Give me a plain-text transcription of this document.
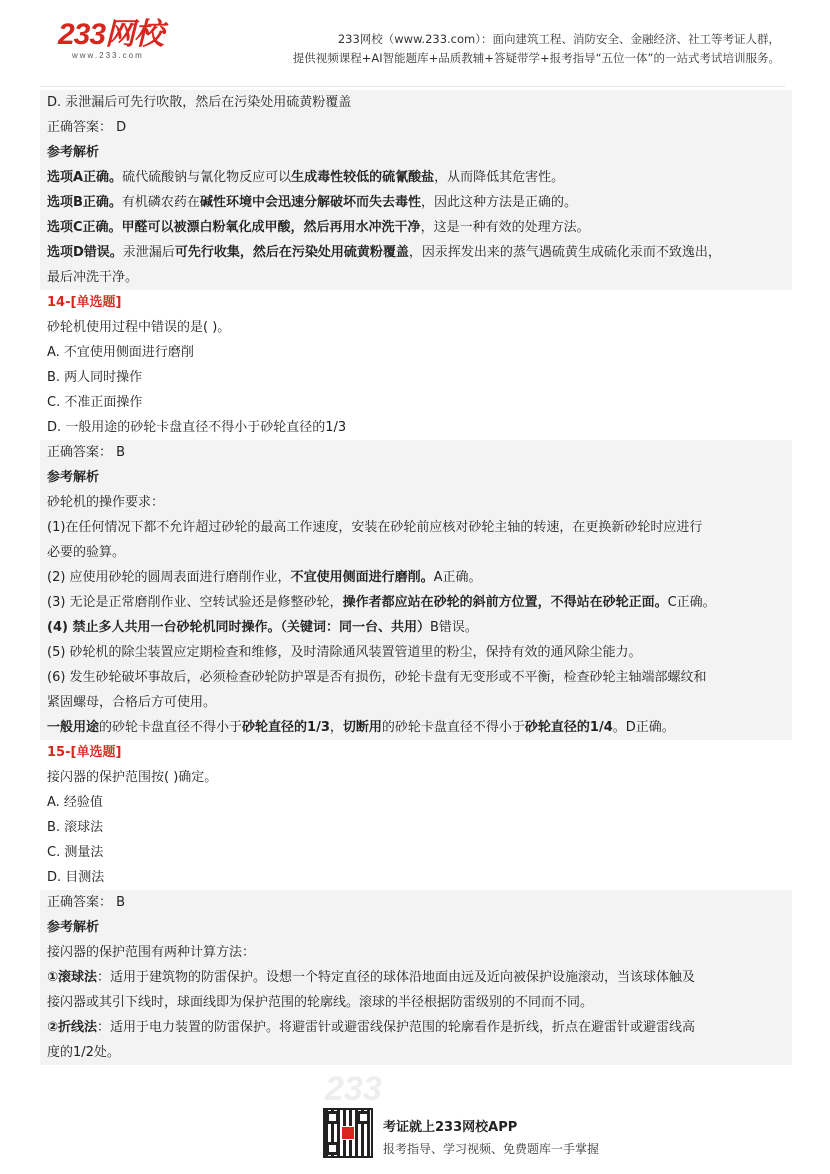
233网校
www.233.com
233网校（www.233.com）：面向建筑工程、消防安全、金融经济、社工等考证人群，
提供视频课程+AI智能题库+品质教辅+答疑带学+报考指导“五位一体”的一站式考试培训服务。
D. 汞泄漏后可先行吹散，然后在污染处用硫黄粉覆盖
正确答案： D
参考解析
选项A正确。硫代硫酸钠与氰化物反应可以生成毒性较低的硫氰酸盐，从而降低其危害性。
选项B正确。有机磷农药在碱性环境中会迅速分解破坏而失去毒性，因此这种方法是正确的。
选项C正确。甲醛可以被漂白粉氧化成甲酸，然后再用水冲洗干净，这是一种有效的处理方法。
选项D错误。汞泄漏后可先行收集，然后在污染处用硫黄粉覆盖，因汞挥发出来的蒸气遇硫黄生成硫化汞而不致逸出，
最后冲洗干净。
14-[单选题]
砂轮机使用过程中错误的是( )。
A. 不宜使用侧面进行磨削
B. 两人同时操作
C. 不准正面操作
D. 一般用途的砂轮卡盘直径不得小于砂轮直径的1/3
正确答案： B
参考解析
砂轮机的操作要求：
(1)在任何情况下都不允许超过砂轮的最高工作速度，安装在砂轮前应核对砂轮主轴的转速，在更换新砂轮时应进行
必要的验算。
(2) 应使用砂轮的圆周表面进行磨削作业，不宜使用侧面进行磨削。A正确。
(3) 无论是正常磨削作业、空转试验还是修整砂轮，操作者都应站在砂轮的斜前方位置，不得站在砂轮正面。C正确。
(4) 禁止多人共用一台砂轮机同时操作。（关键词：同一台、共用）B错误。
(5) 砂轮机的除尘装置应定期检查和维修，及时清除通风装置管道里的粉尘，保持有效的通风除尘能力。
(6) 发生砂轮破坏事故后，必须检查砂轮防护罩是否有损伤，砂轮卡盘有无变形或不平衡，检查砂轮主轴端部螺纹和
紧固螺母，合格后方可使用。
一般用途的砂轮卡盘直径不得小于砂轮直径的1/3，切断用的砂轮卡盘直径不得小于砂轮直径的1/4。D正确。
15-[单选题]
接闪器的保护范围按( )确定。
A. 经验值
B. 滚球法
C. 测量法
D. 目测法
正确答案： B
参考解析
接闪器的保护范围有两种计算方法：
①滚球法：适用于建筑物的防雷保护。设想一个特定直径的球体沿地面由远及近向被保护设施滚动，当该球体触及
接闪器或其引下线时，球面线即为保护范围的轮廓线。滚球的半径根据防雷级别的不同而不同。
②折线法：适用于电力装置的防雷保护。将避雷针或避雷线保护范围的轮廓看作是折线，折点在避雷针或避雷线高
度的1/2处。
233
考证就上233网校APP
报考指导、学习视频、免费题库一手掌握
